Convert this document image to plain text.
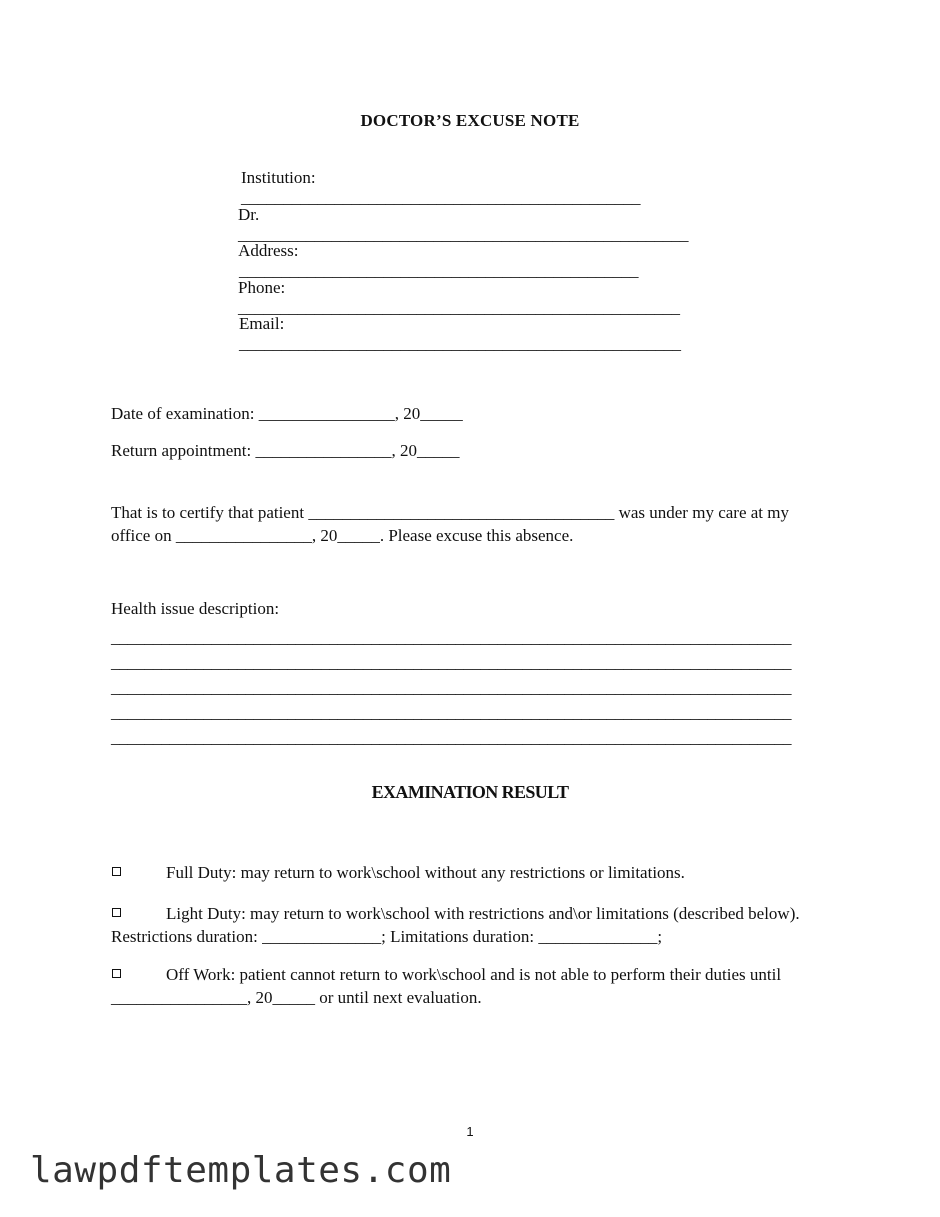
DOCTOR’S EXCUSE NOTE

Institution:
_______________________________________________

Dr.
_____________________________________________________

Address:
_______________________________________________

Phone:
____________________________________________________

Email:
____________________________________________________

Date of examination: ________________, 20_____
Return appointment: ________________, 20_____
That is to certify that patient ____________________________________ was under my care at my office on ________________, 20_____. Please excuse this absence.
Health issue description:
_________________________________________________________________________________
_________________________________________________________________________________
_________________________________________________________________________________
_________________________________________________________________________________
_________________________________________________________________________________
EXAMINATION RESULT
Full Duty: may return to work\school without any restrictions or limitations.
Light Duty: may return to work\school with restrictions and\or limitations (described below). Restrictions duration: ______________; Limitations duration: ______________;
Off Work: patient cannot return to work\school and is not able to perform their duties until ________________, 20_____ or until next evaluation.
1
lawpdftemplates.com
